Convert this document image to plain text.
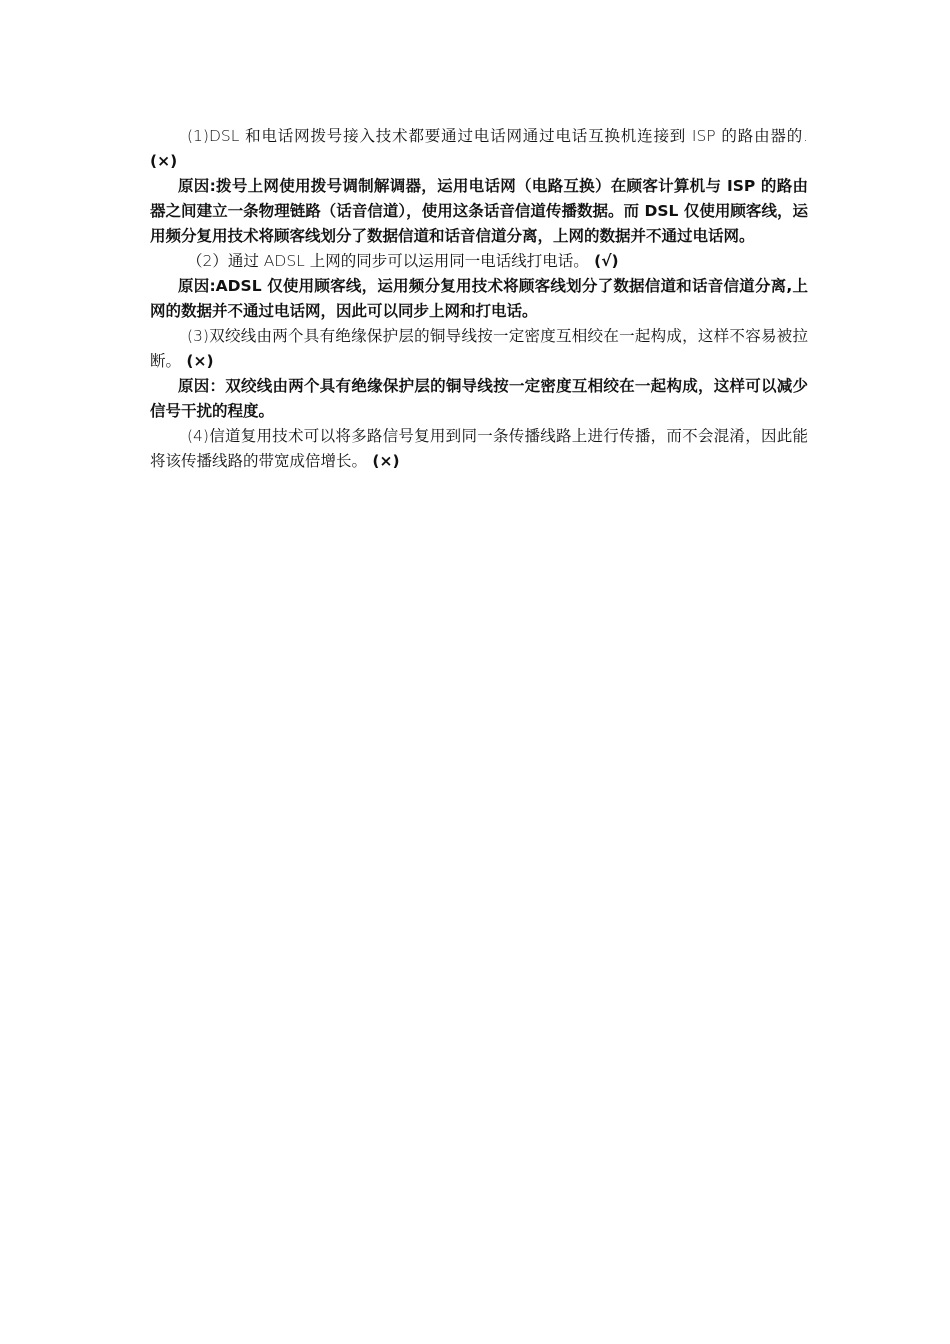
(1)DSL 和电话网拨号接入技术都要通过电话网通过电话互换机连接到 ISP 的路由器的. (×)

原因:拨号上网使用拨号调制解调器，运用电话网（电路互换）在顾客计算机与 ISP 的路由器之间建立一条物理链路（话音信道），使用这条话音信道传播数据。而 DSL 仅使用顾客线，运用频分复用技术将顾客线划分了数据信道和话音信道分离，上网的数据并不通过电话网。

（2）通过 ADSL 上网的同步可以运用同一电话线打电话。 (√)

原因:ADSL 仅使用顾客线，运用频分复用技术将顾客线划分了数据信道和话音信道分离,上网的数据并不通过电话网，因此可以同步上网和打电话。

(3)双绞线由两个具有绝缘保护层的铜导线按一定密度互相绞在一起构成，这样不容易被拉断。 (×)

原因：双绞线由两个具有绝缘保护层的铜导线按一定密度互相绞在一起构成，这样可以减少信号干扰的程度。

(4)信道复用技术可以将多路信号复用到同一条传播线路上进行传播，而不会混淆，因此能将该传播线路的带宽成倍增长。 (×)
